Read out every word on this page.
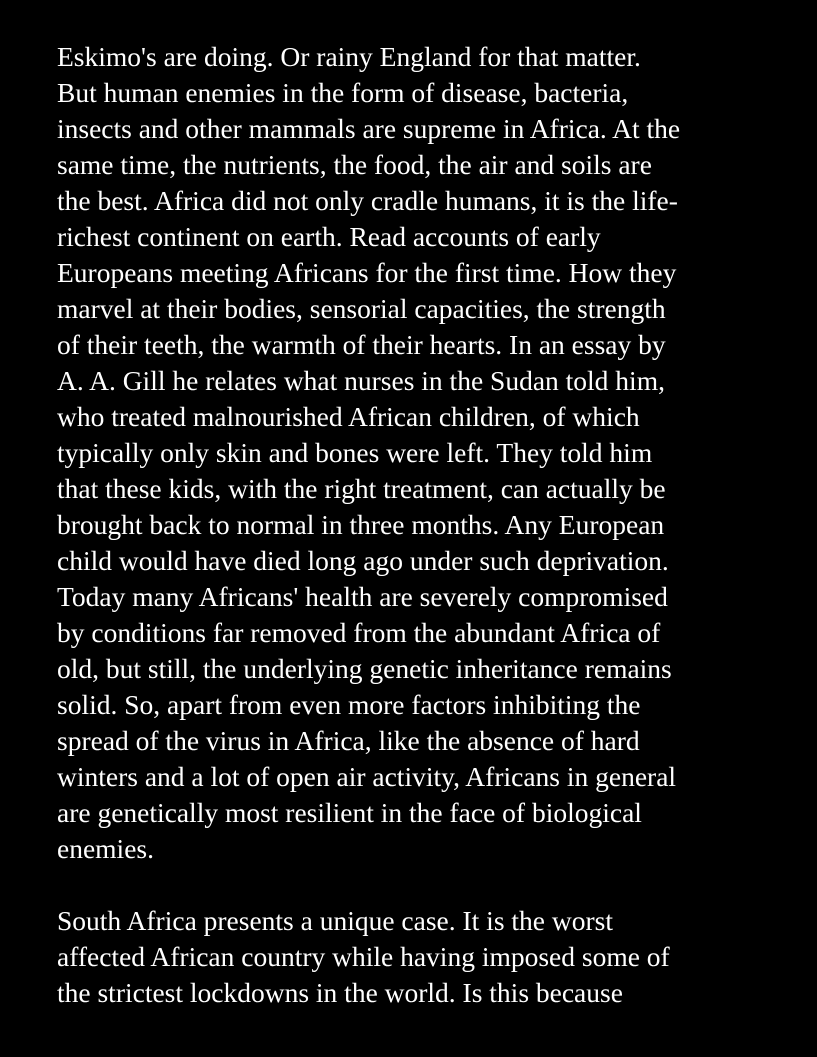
Eskimo's are doing. Or rainy England for that matter.
But human enemies in the form of disease, bacteria,
insects and other mammals are supreme in Africa. At the
same time, the nutrients, the food, the air and soils are
the best. Africa did not only cradle humans, it is the life-
richest continent on earth. Read accounts of early
Europeans meeting Africans for the first time. How they
marvel at their bodies, sensorial capacities, the strength
of their teeth, the warmth of their hearts. In an essay by
A. A. Gill he relates what nurses in the Sudan told him,
who treated malnourished African children, of which
typically only skin and bones were left. They told him
that these kids, with the right treatment, can actually be
brought back to normal in three months. Any European
child would have died long ago under such deprivation.
Today many Africans' health are severely compromised
by conditions far removed from the abundant Africa of
old, but still, the underlying genetic inheritance remains
solid. So, apart from even more factors inhibiting the
spread of the virus in Africa, like the absence of hard
winters and a lot of open air activity, Africans in general
are genetically most resilient in the face of biological
enemies.
South Africa presents a unique case. It is the worst
affected African country while having imposed some of
the strictest lockdowns in the world. Is this because
